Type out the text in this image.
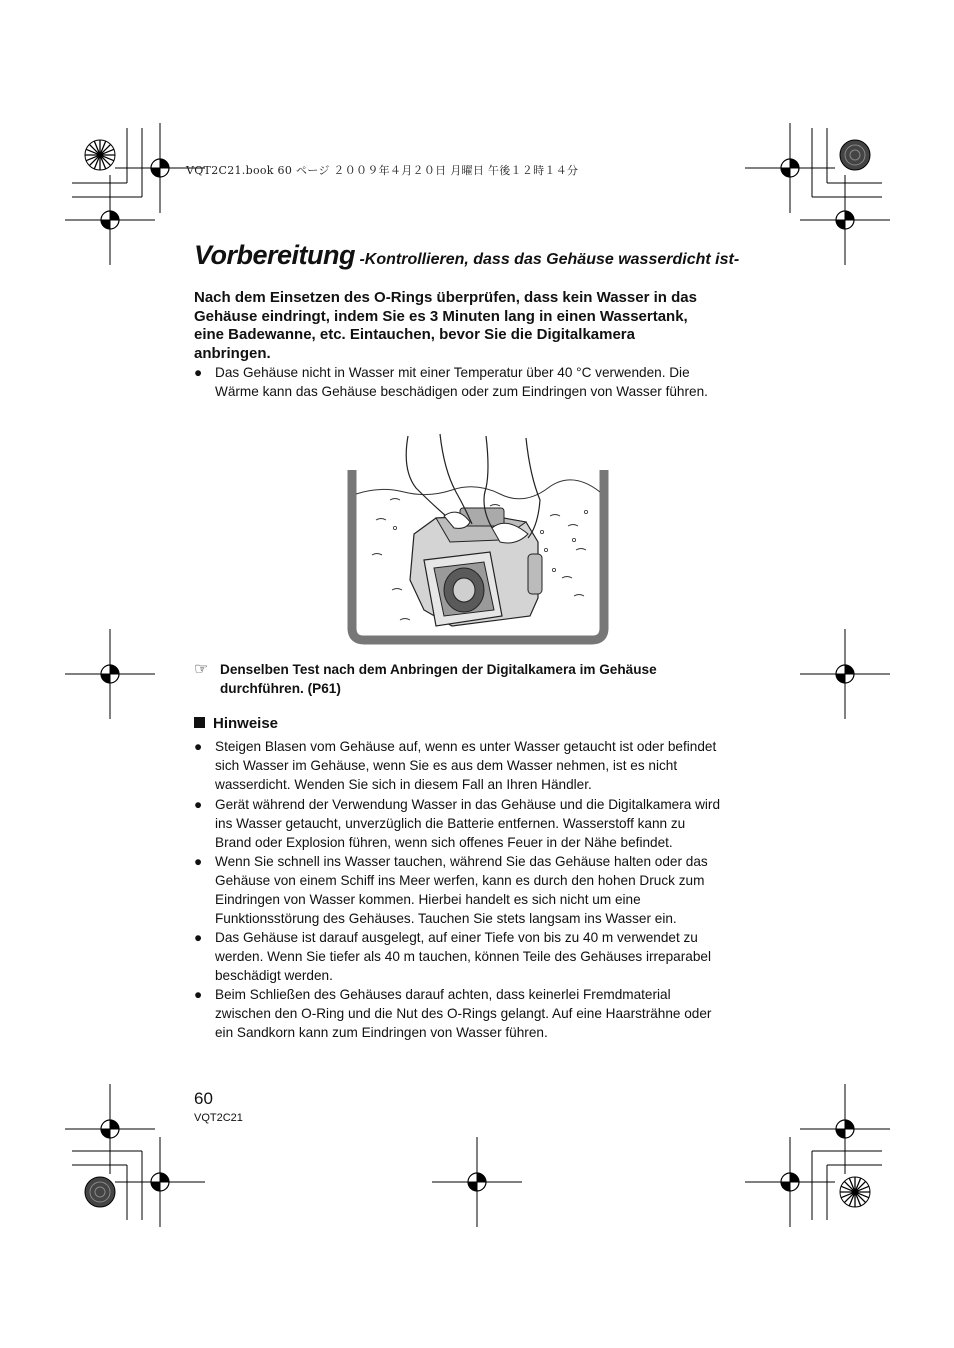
VQT2C21.book 60 ページ ２００９年４月２０日 月曜日 午後１２時１４分
Vorbereitung -Kontrollieren, dass das Gehäuse wasserdicht ist-
Nach dem Einsetzen des O-Rings überprüfen, dass kein Wasser in das
Gehäuse eindringt, indem Sie es 3 Minuten lang in einen Wassertank,
eine Badewanne, etc. Eintauchen, bevor Sie die Digitalkamera
anbringen.
● Das Gehäuse nicht in Wasser mit einer Temperatur über 40 °C verwenden. Die
Wärme kann das Gehäuse beschädigen oder zum Eindringen von Wasser führen.
☞ Denselben Test nach dem Anbringen der Digitalkamera im Gehäuse
durchführen. (P61)
Hinweise
● Steigen Blasen vom Gehäuse auf, wenn es unter Wasser getaucht ist oder befindet
sich Wasser im Gehäuse, wenn Sie es aus dem Wasser nehmen, ist es nicht
wasserdicht. Wenden Sie sich in diesem Fall an Ihren Händler.
● Gerät während der Verwendung Wasser in das Gehäuse und die Digitalkamera wird
ins Wasser getaucht, unverzüglich die Batterie entfernen. Wasserstoff kann zu
Brand oder Explosion führen, wenn sich offenes Feuer in der Nähe befindet.
● Wenn Sie schnell ins Wasser tauchen, während Sie das Gehäuse halten oder das
Gehäuse von einem Schiff ins Meer werfen, kann es durch den hohen Druck zum
Eindringen von Wasser kommen. Hierbei handelt es sich nicht um eine
Funktionsstörung des Gehäuses. Tauchen Sie stets langsam ins Wasser ein.
● Das Gehäuse ist darauf ausgelegt, auf einer Tiefe von bis zu 40 m verwendet zu
werden. Wenn Sie tiefer als 40 m tauchen, können Teile des Gehäuses irreparabel
beschädigt werden.
● Beim Schließen des Gehäuses darauf achten, dass keinerlei Fremdmaterial
zwischen den O-Ring und die Nut des O-Rings gelangt. Auf eine Haarsträhne oder
ein Sandkorn kann zum Eindringen von Wasser führen.
60
VQT2C21
